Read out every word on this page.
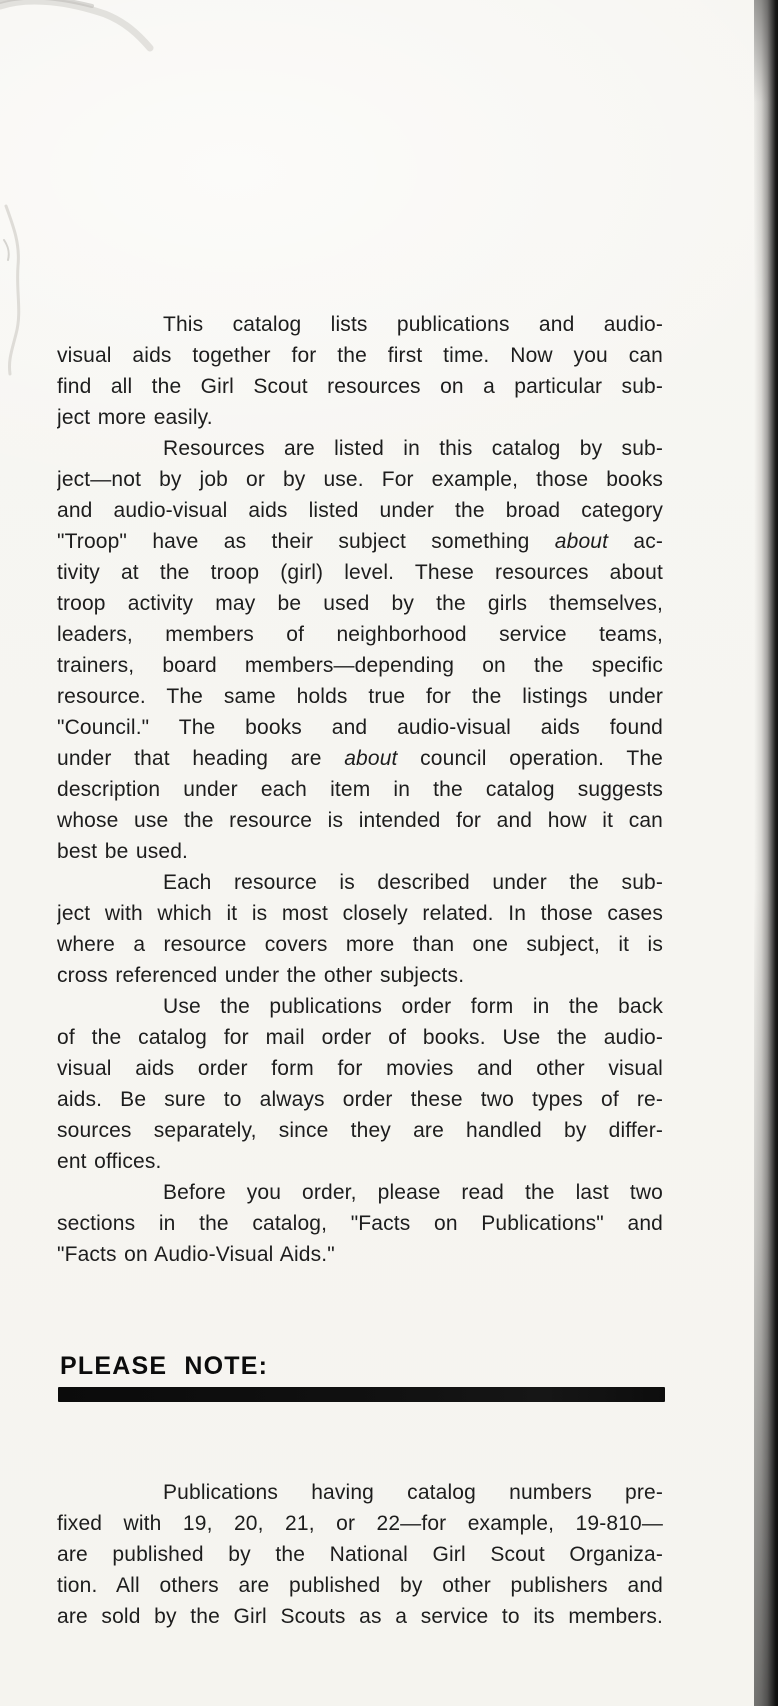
This catalog lists publications and audio-
visual aids together for the first time. Now you can
find all the Girl Scout resources on a particular sub-
ject more easily.
Resources are listed in this catalog by sub-
ject—not by job or by use. For example, those books
and audio-visual aids listed under the broad category
"Troop" have as their subject something about ac-
tivity at the troop (girl) level. These resources about
troop activity may be used by the girls themselves,
leaders, members of neighborhood service teams,
trainers, board members—depending on the specific
resource. The same holds true for the listings under
"Council." The books and audio-visual aids found
under that heading are about council operation. The
description under each item in the catalog suggests
whose use the resource is intended for and how it can
best be used.
Each resource is described under the sub-
ject with which it is most closely related. In those cases
where a resource covers more than one subject, it is
cross referenced under the other subjects.
Use the publications order form in the back
of the catalog for mail order of books. Use the audio-
visual aids order form for movies and other visual
aids. Be sure to always order these two types of re-
sources separately, since they are handled by differ-
ent offices.
Before you order, please read the last two
sections in the catalog, "Facts on Publications" and
"Facts on Audio-Visual Aids."
PLEASE NOTE:
Publications having catalog numbers pre-
fixed with 19, 20, 21, or 22—for example, 19-810—
are published by the National Girl Scout Organiza-
tion. All others are published by other publishers and
are sold by the Girl Scouts as a service to its members.
